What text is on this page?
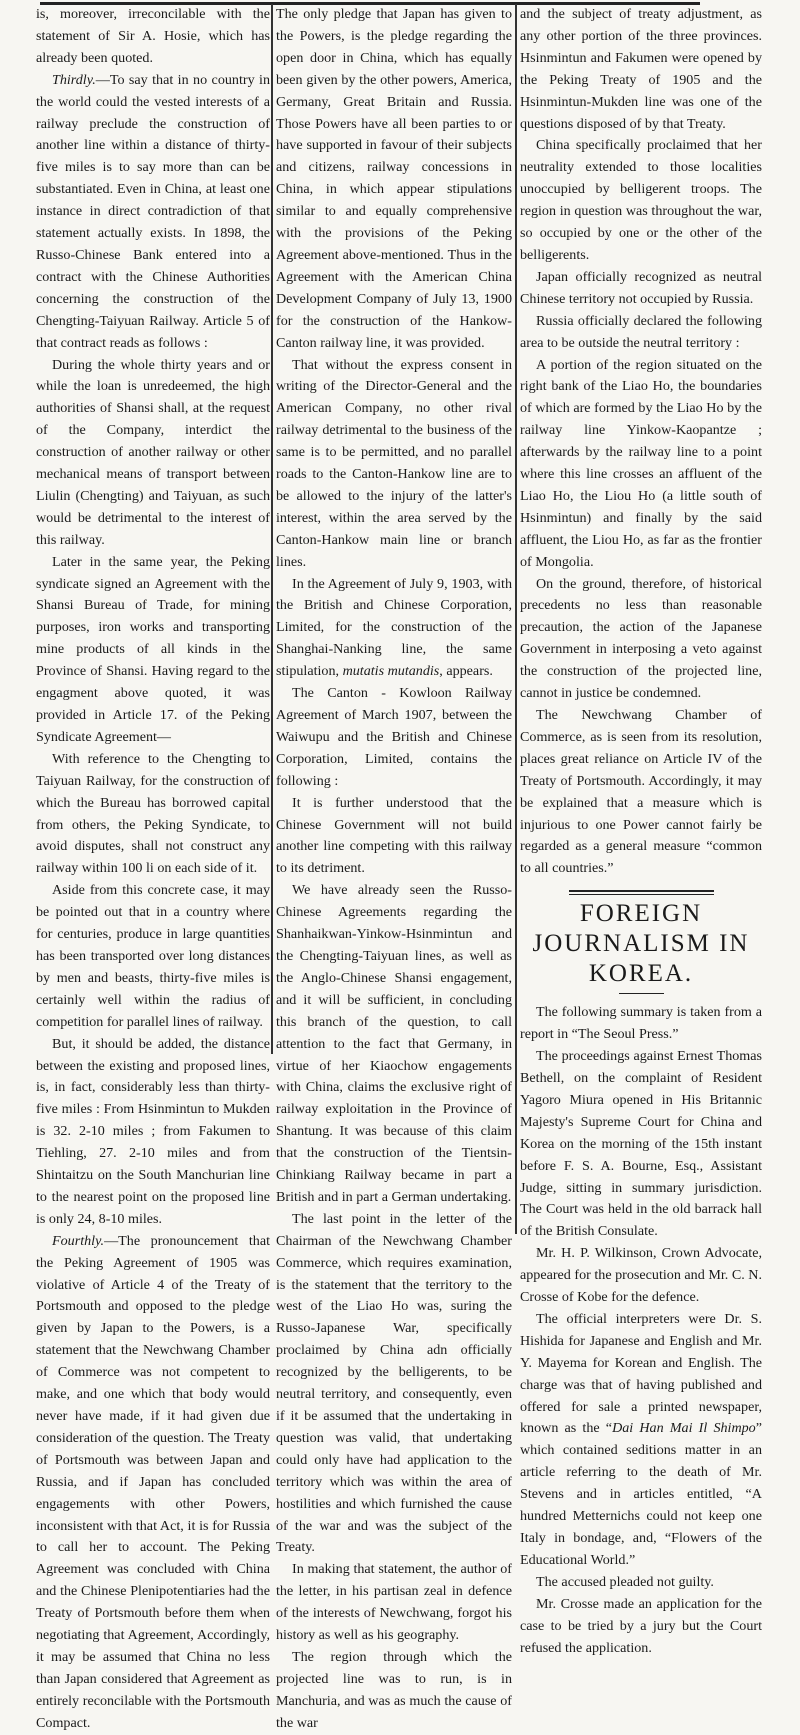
is, moreover, irreconcilable with the statement of Sir A. Hosie, which has already been quoted.

Thirdly.—To say that in no country in the world could the vested interests of a railway preclude the construction of another line within a distance of thirty-five miles is to say more than can be substantiated. Even in China, at least one instance in direct contradiction of that statement actually exists. In 1898, the Russo-Chinese Bank entered into a contract with the Chinese Authorities concerning the construction of the Chengting-Taiyuan Railway. Article 5 of that contract reads as follows :

During the whole thirty years and or while the loan is unredeemed, the high authorities of Shansi shall, at the request of the Company, interdict the construction of another railway or other mechanical means of transport between Liulin (Chengting) and Taiyuan, as such would be detrimental to the interest of this railway.

Later in the same year, the Peking syndicate signed an Agreement with the Shansi Bureau of Trade, for mining purposes, iron works and transporting mine products of all kinds in the Province of Shansi. Having regard to the engagment above quoted, it was provided in Article 17. of the Peking Syndicate Agreement—

With reference to the Chengting to Taiyuan Railway, for the construction of which the Bureau has borrowed capital from others, the Peking Syndicate, to avoid disputes, shall not construct any railway within 100 li on each side of it.

Aside from this concrete case, it may be pointed out that in a country where for centuries, produce in large quantities has been transported over long distances by men and beasts, thirty-five miles is certainly well within the radius of competition for parallel lines of railway.

But, it should be added, the distance between the existing and proposed lines, is, in fact, considerably less than thirty-five miles : From Hsinmintun to Mukden is 32. 2-10 miles ; from Fakumen to Tiehling, 27. 2-10 miles and from Shintaitzu on the South Manchurian line to the nearest point on the proposed line is only 24, 8-10 miles.

Fourthly.—The pronouncement that the Peking Agreement of 1905 was violative of Article 4 of the Treaty of Portsmouth and opposed to the pledge given by Japan to the Powers, is a statement that the Newchwang Chamber of Commerce was not competent to make, and one which that body would never have made, if it had given due consideration of the question. The Treaty of Portsmouth was between Japan and Russia, and if Japan has concluded engagements with other Powers, inconsistent with that Act, it is for Russia to call her to account. The Peking Agreement was concluded with China and the Chinese Plenipotentiaries had the Treaty of Portsmouth before them when negotiating that Agreement, Accordingly, it may be assumed that China no less than Japan considered that Agreement as entirely reconcilable with the Portsmouth Compact.

The only pledge that Japan has given to the Powers, is the pledge regarding the open door in China, which has equally been given by the other powers, America, Germany, Great Britain and Russia. Those Powers have all been parties to or have supported in favour of their subjects and citizens, railway concessions in China, in which appear stipulations similar to and equally comprehensive with the provisions of the Peking Agreement above-mentioned. Thus in the Agreement with the American China Development Company of July 13, 1900 for the construction of the Hankow-Canton railway line, it was provided.

That without the express consent in writing of the Director-General and the American Company, no other rival railway detrimental to the business of the same is to be permitted, and no parallel roads to the Canton-Hankow line are to be allowed to the injury of the latter's interest, within the area served by the Canton-Hankow main line or branch lines.

In the Agreement of July 9, 1903, with the British and Chinese Corporation, Limited, for the construction of the Shanghai-Nanking line, the same stipulation, mutatis mutandis, appears.

The Canton - Kowloon Railway Agreement of March 1907, between the Waiwupu and the British and Chinese Corporation, Limited, contains the following :

It is further understood that the Chinese Government will not build another line competing with this railway to its detriment.

We have already seen the Russo-Chinese Agreements regarding the Shanhaikwan-Yinkow-Hsinmintun and the Chengting-Taiyuan lines, as well as the Anglo-Chinese Shansi engagement, and it will be sufficient, in concluding this branch of the question, to call attention to the fact that Germany, in virtue of her Kiaochow engagements with China, claims the exclusive right of railway exploitation in the Province of Shantung. It was because of this claim that the construction of the Tientsin-Chinkiang Railway became in part a British and in part a German undertaking.

The last point in the letter of the Chairman of the Newchwang Chamber Commerce, which requires examination, is the statement that the territory to the west of the Liao Ho was, suring the Russo-Japanese War, specifically proclaimed by China adn officially recognized by the belligerents, to be neutral territory, and consequently, even if it be assumed that the undertaking in question was valid, that undertaking could only have had application to the territory which was within the area of hostilities and which furnished the cause of the war and was the subject of the Treaty.

In making that statement, the author of the letter, in his partisan zeal in defence of the interests of Newchwang, forgot his history as well as his geography.

The region through which the projected line was to run, is in Manchuria, and was as much the cause of the war

and the subject of treaty adjustment, as any other portion of the three provinces. Hsinmintun and Fakumen were opened by the Peking Treaty of 1905 and the Hsinmintun-Mukden line was one of the questions disposed of by that Treaty.

China specifically proclaimed that her neutrality extended to those localities unoccupied by belligerent troops. The region in question was throughout the war, so occupied by one or the other of the belligerents.

Japan officially recognized as neutral Chinese territory not occupied by Russia.

Russia officially declared the following area to be outside the neutral territory :

A portion of the region situated on the right bank of the Liao Ho, the boundaries of which are formed by the Liao Ho by the railway line Yinkow-Kaopantze ; afterwards by the railway line to a point where this line crosses an affluent of the Liao Ho, the Liou Ho (a little south of Hsinmintun) and finally by the said affluent, the Liou Ho, as far as the frontier of Mongolia.

On the ground, therefore, of historical precedents no less than reasonable precaution, the action of the Japanese Government in interposing a veto against the construction of the projected line, cannot in justice be condemned.

The Newchwang Chamber of Commerce, as is seen from its resolution, places great reliance on Article IV of the Treaty of Portsmouth. Accordingly, it may be explained that a measure which is injurious to one Power cannot fairly be regarded as a general measure “common to all countries.”

FOREIGN
JOURNALISM IN
KOREA.

The following summary is taken from a report in “The Seoul Press.”

The proceedings against Ernest Thomas Bethell, on the complaint of Resident Yagoro Miura opened in His Britannic Majesty's Supreme Court for China and Korea on the morning of the 15th instant before F. S. A. Bourne, Esq., Assistant Judge, sitting in summary jurisdiction. The Court was held in the old barrack hall of the British Consulate.

Mr. H. P. Wilkinson, Crown Advocate, appeared for the prosecution and Mr. C. N. Crosse of Kobe for the defence.

The official interpreters were Dr. S. Hishida for Japanese and English and Mr. Y. Mayema for Korean and English. The charge was that of having published and offered for sale a printed newspaper, known as the “Dai Han Mai Il Shimpo” which contained seditions matter in an article referring to the death of Mr. Stevens and in articles entitled, “A hundred Metternichs could not keep one Italy in bondage, and, “Flowers of the Educational World.”

The accused pleaded not guilty.

Mr. Crosse made an application for the case to be tried by a jury but the Court refused the application.
